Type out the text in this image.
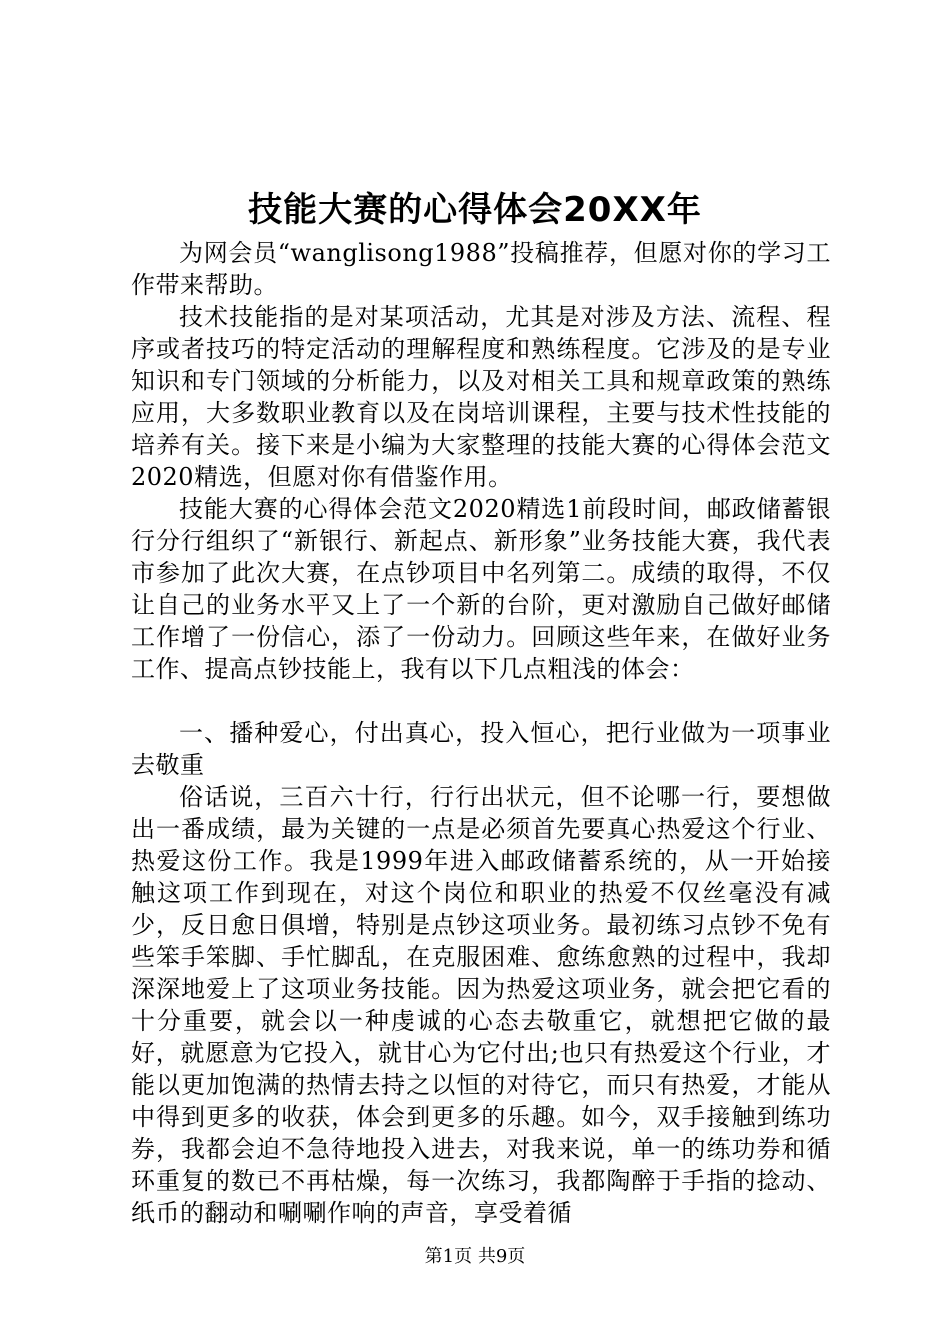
技能大赛的心得体会20XX年

为网会员“wanglisong1988”投稿推荐，但愿对你的学习工作带来帮助。

技术技能指的是对某项活动，尤其是对涉及方法、流程、程序或者技巧的特定活动的理解程度和熟练程度。它涉及的是专业知识和专门领域的分析能力，以及对相关工具和规章政策的熟练应用，大多数职业教育以及在岗培训课程，主要与技术性技能的培养有关。接下来是小编为大家整理的技能大赛的心得体会范文2020精选，但愿对你有借鉴作用。

技能大赛的心得体会范文2020精选1前段时间，邮政储蓄银行分行组织了“新银行、新起点、新形象”业务技能大赛，我代表市参加了此次大赛，在点钞项目中名列第二。成绩的取得，不仅让自己的业务水平又上了一个新的台阶，更对激励自己做好邮储工作增了一份信心，添了一份动力。回顾这些年来，在做好业务工作、提高点钞技能上，我有以下几点粗浅的体会：

一、播种爱心，付出真心，投入恒心，把行业做为一项事业去敬重

俗话说，三百六十行，行行出状元，但不论哪一行，要想做出一番成绩，最为关键的一点是必须首先要真心热爱这个行业、热爱这份工作。我是1999年进入邮政储蓄系统的，从一开始接触这项工作到现在，对这个岗位和职业的热爱不仅丝毫没有减少，反日愈日俱增，特别是点钞这项业务。最初练习点钞不免有些笨手笨脚、手忙脚乱，在克服困难、愈练愈熟的过程中，我却深深地爱上了这项业务技能。因为热爱这项业务，就会把它看的十分重要，就会以一种虔诚的心态去敬重它，就想把它做的最好，就愿意为它投入，就甘心为它付出;也只有热爱这个行业，才能以更加饱满的热情去持之以恒的对待它，而只有热爱，才能从中得到更多的收获，体会到更多的乐趣。如今，双手接触到练功券，我都会迫不急待地投入进去，对我来说，单一的练功券和循环重复的数已不再枯燥，每一次练习，我都陶醉于手指的捻动、纸币的翻动和唰唰作响的声音，享受着循

第1页 共9页
